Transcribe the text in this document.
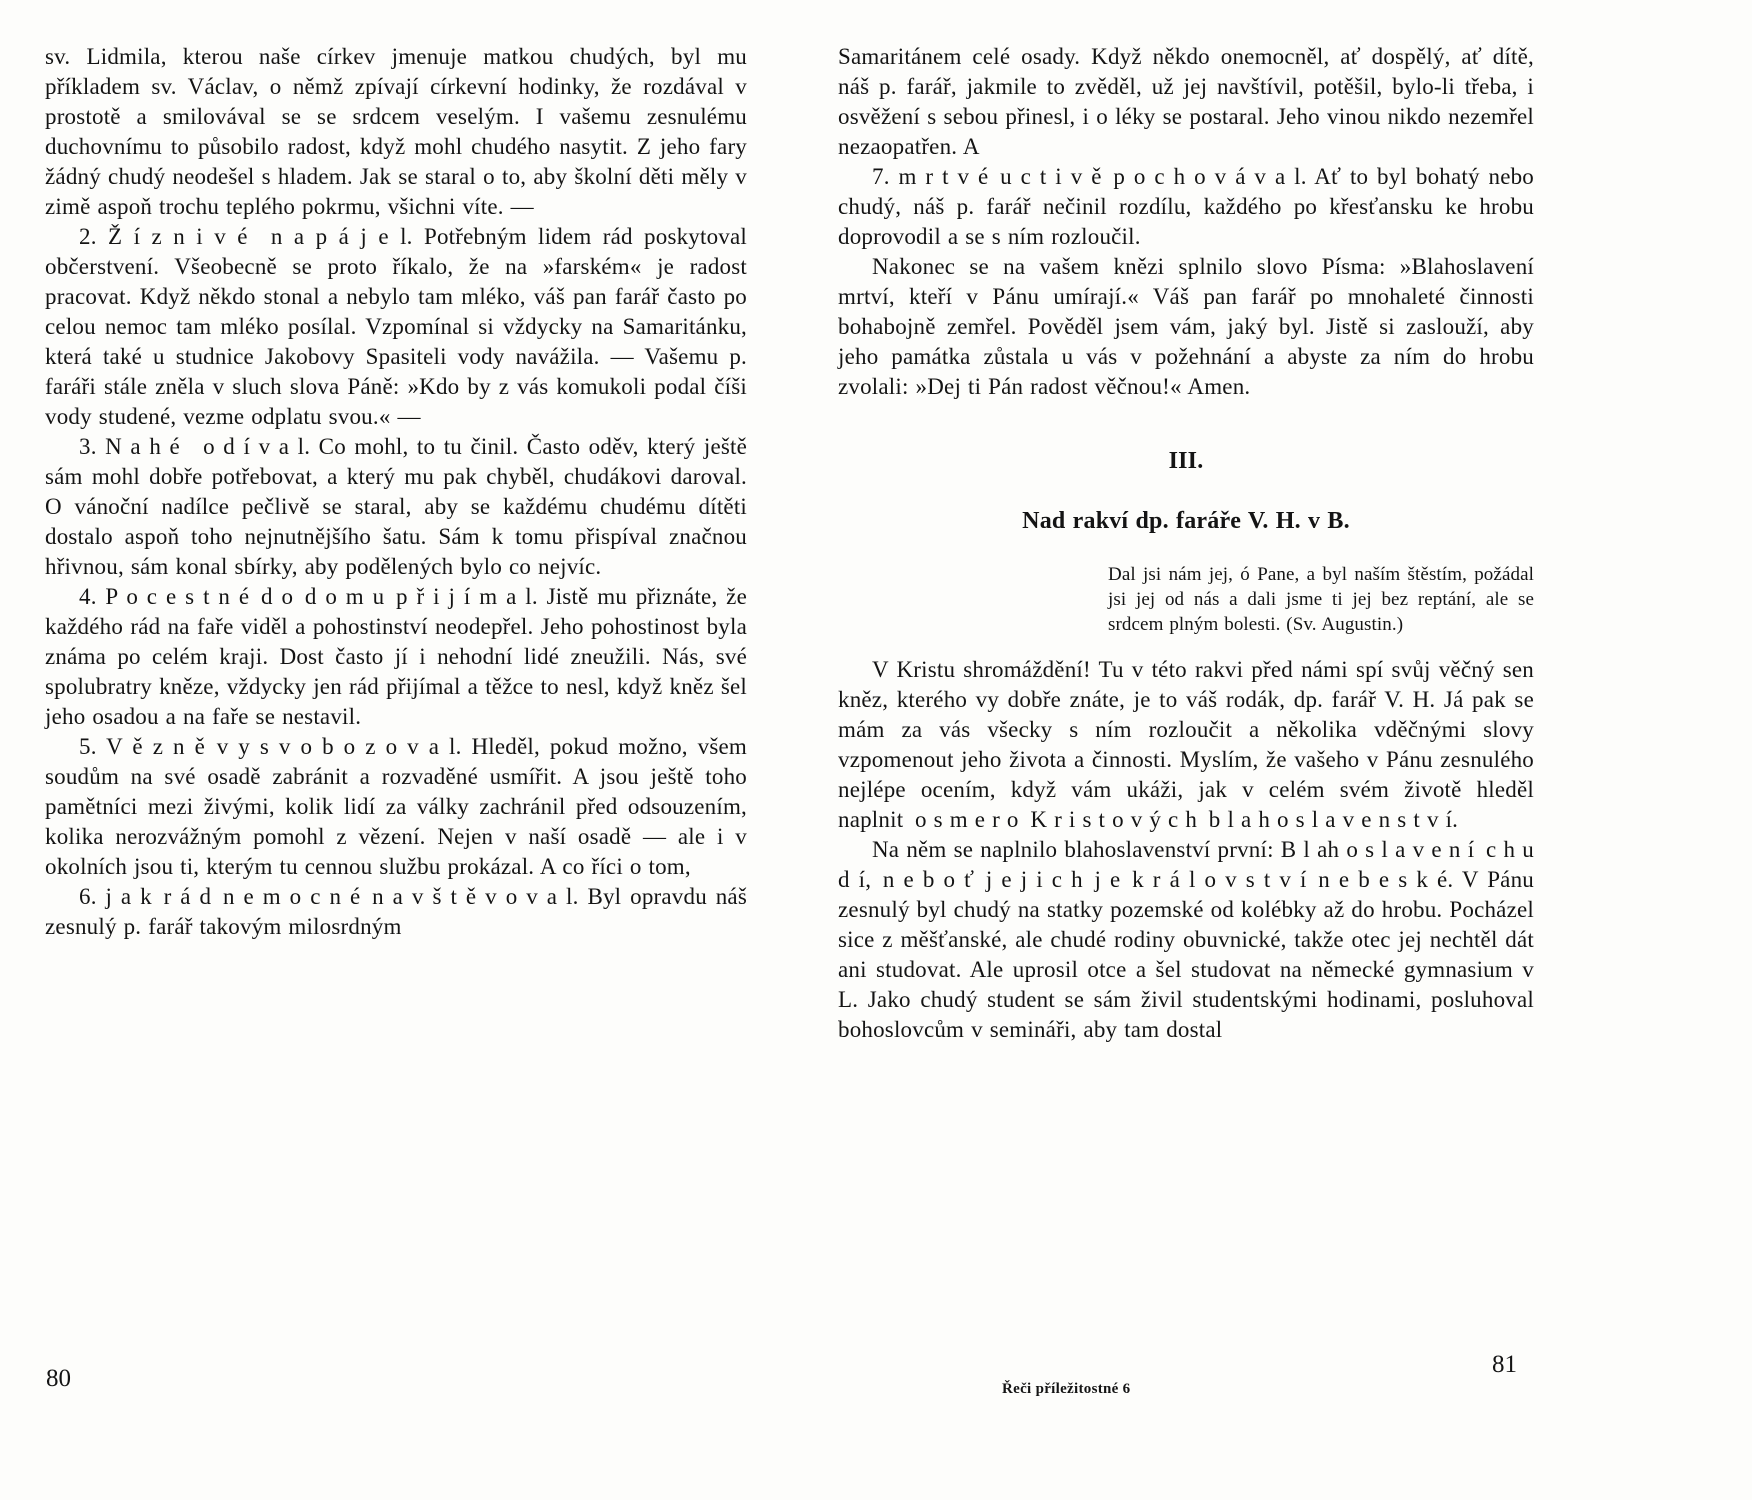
sv. Lidmila, kterou naše církev jmenuje matkou chudých, byl mu příkladem sv. Václav, o němž zpívají církevní hodinky, že rozdával v prostotě a smilovával se se srdcem veselým. I vašemu zesnulému duchovnímu to působilo radost, když mohl chudého nasytit. Z jeho fary žádný chudý neodešel s hladem. Jak se staral o to, aby školní děti měly v zimě aspoň trochu teplého pokrmu, všichni víte. —

2. Ž í z n i v é n a p á j e l. Potřebným lidem rád poskytoval občerstvení. Všeobecně se proto říkalo, že na »farském« je radost pracovat. Když někdo stonal a nebylo tam mléko, váš pan farář často po celou nemoc tam mléko posílal. Vzpomínal si vždycky na Samaritánku, která také u studnice Jakobovy Spasiteli vody navážila. — Vašemu p. faráři stále zněla v sluch slova Páně: »Kdo by z vás komukoli podal číši vody studené, vezme odplatu svou.« —

3. N a h é o d í v a l. Co mohl, to tu činil. Často oděv, který ještě sám mohl dobře potřebovat, a který mu pak chyběl, chudákovi daroval. O vánoční nadílce pečlivě se staral, aby se každému chudému dítěti dostalo aspoň toho nejnutnějšího šatu. Sám k tomu přispíval značnou hřivnou, sám konal sbírky, aby podělených bylo co nejvíc.

4. P o c e s t n é d o d o m u p ř i j í m a l. Jistě mu přiznáte, že každého rád na faře viděl a pohostinství neodepřel. Jeho pohostinost byla známa po celém kraji. Dost často jí i nehodní lidé zneužili. Nás, své spolubratry kněze, vždycky jen rád přijímal a těžce to nesl, když kněz šel jeho osadou a na faře se nestavil.

5. V ě z n ě v y s v o b o z o v a l. Hleděl, pokud možno, všem soudům na své osadě zabránit a rozvaděné usmířit. A jsou ještě toho pamětníci mezi živými, kolik lidí za války zachránil před odsouzením, kolika nerozvážným pomohl z vězení. Nejen v naší osadě — ale i v okolních jsou ti, kterým tu cennou službu prokázal. A co říci o tom,

6. j a k r á d n e m o c n é n a v š t ě v o v a l. Byl opravdu náš zesnulý p. farář takovým milosrdným

Samaritánem celé osady. Když někdo onemocněl, ať dospělý, ať dítě, náš p. farář, jakmile to zvěděl, už jej navštívil, potěšil, bylo-li třeba, i osvěžení s sebou přinesl, i o léky se postaral. Jeho vinou nikdo nezemřel nezaopatřen. A

7. m r t v é u c t i v ě p o c h o v á v a l. Ať to byl bohatý nebo chudý, náš p. farář nečinil rozdílu, každého po křesťansku ke hrobu doprovodil a se s ním rozloučil.

Nakonec se na vašem knězi splnilo slovo Písma: »Blahoslavení mrtví, kteří v Pánu umírají.« Váš pan farář po mnohaleté činnosti bohabojně zemřel. Pověděl jsem vám, jaký byl. Jistě si zaslouží, aby jeho památka zůstala u vás v požehnání a abyste za ním do hrobu zvolali: »Dej ti Pán radost věčnou!« Amen.

III.
Nad rakví dp. faráře V. H. v B.
Dal jsi nám jej, ó Pane, a byl naším štěstím, požádal jsi jej od nás a dali jsme ti jej bez reptání, ale se srdcem plným bolesti. (Sv. Augustin.)

V Kristu shromáždění! Tu v této rakvi před námi spí svůj věčný sen kněz, kterého vy dobře znáte, je to váš rodák, dp. farář V. H. Já pak se mám za vás všecky s ním rozloučit a několika vděčnými slovy vzpomenout jeho života a činnosti. Myslím, že vašeho v Pánu zesnulého nejlépe ocením, když vám ukáži, jak v celém svém životě hleděl naplnit o s m e r o K r i s t o v ý c h b l a h o s l a v e n s t v í.

Na něm se naplnilo blahoslavenství první: B l ah o s l a v e n í c h u d í, n e b o ť j e j i c h j e k r á l o v s t v í n e b e s k é. V Pánu zesnulý byl chudý na statky pozemské od kolébky až do hrobu. Pocházel sice z měšťanské, ale chudé rodiny obuvnické, takže otec jej nechtěl dát ani studovat. Ale uprosil otce a šel studovat na německé gymnasium v L. Jako chudý student se sám živil studentskými hodinami, posluhoval bohoslovcům v semináři, aby tam dostal

80	Řeči příležitostné 6
81
